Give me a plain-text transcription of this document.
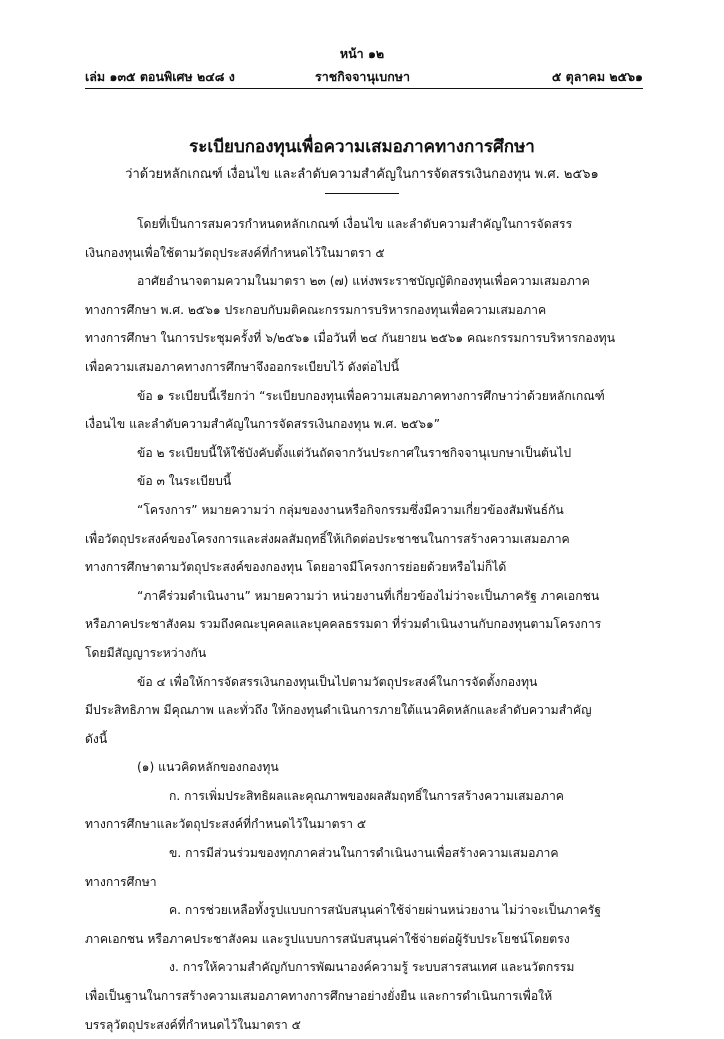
หน้า ๑๒
เล่ม ๑๓๕ ตอนพิเศษ ๒๔๘ ง	ราชกิจจานุเบกษา	๕ ตุลาคม ๒๕๖๑
ระเบียบกองทุนเพื่อความเสมอภาคทางการศึกษา
ว่าด้วยหลักเกณฑ์ เงื่อนไข และลำดับความสำคัญในการจัดสรรเงินกองทุน พ.ศ. ๒๕๖๑
โดยที่เป็นการสมควรกำหนดหลักเกณฑ์ เงื่อนไข และลำดับความสำคัญในการจัดสรร
เงินกองทุนเพื่อใช้ตามวัตถุประสงค์ที่กำหนดไว้ในมาตรา ๕
อาศัยอำนาจตามความในมาตรา ๒๓ (๗) แห่งพระราชบัญญัติกองทุนเพื่อความเสมอภาค
ทางการศึกษา พ.ศ. ๒๕๖๑ ประกอบกับมติคณะกรรมการบริหารกองทุนเพื่อความเสมอภาค
ทางการศึกษา ในการประชุมครั้งที่ ๖/๒๕๖๑ เมื่อวันที่ ๒๔ กันยายน ๒๕๖๑ คณะกรรมการบริหารกองทุน
เพื่อความเสมอภาคทางการศึกษาจึงออกระเบียบไว้ ดังต่อไปนี้
ข้อ ๑ ระเบียบนี้เรียกว่า “ระเบียบกองทุนเพื่อความเสมอภาคทางการศึกษาว่าด้วยหลักเกณฑ์
เงื่อนไข และลำดับความสำคัญในการจัดสรรเงินกองทุน พ.ศ. ๒๕๖๑”
ข้อ ๒ ระเบียบนี้ให้ใช้บังคับตั้งแต่วันถัดจากวันประกาศในราชกิจจานุเบกษาเป็นต้นไป
ข้อ ๓ ในระเบียบนี้
“โครงการ” หมายความว่า กลุ่มของงานหรือกิจกรรมซึ่งมีความเกี่ยวข้องสัมพันธ์กัน
เพื่อวัตถุประสงค์ของโครงการและส่งผลสัมฤทธิ์ให้เกิดต่อประชาชนในการสร้างความเสมอภาค
ทางการศึกษาตามวัตถุประสงค์ของกองทุน โดยอาจมีโครงการย่อยด้วยหรือไม่ก็ได้
“ภาคีร่วมดำเนินงาน” หมายความว่า หน่วยงานที่เกี่ยวข้องไม่ว่าจะเป็นภาครัฐ ภาคเอกชน
หรือภาคประชาสังคม รวมถึงคณะบุคคลและบุคคลธรรมดา ที่ร่วมดำเนินงานกับกองทุนตามโครงการ
โดยมีสัญญาระหว่างกัน
ข้อ ๔ เพื่อให้การจัดสรรเงินกองทุนเป็นไปตามวัตถุประสงค์ในการจัดตั้งกองทุน
มีประสิทธิภาพ มีคุณภาพ และทั่วถึง ให้กองทุนดำเนินการภายใต้แนวคิดหลักและลำดับความสำคัญ
ดังนี้
(๑) แนวคิดหลักของกองทุน
ก. การเพิ่มประสิทธิผลและคุณภาพของผลสัมฤทธิ์ในการสร้างความเสมอภาค
ทางการศึกษาและวัตถุประสงค์ที่กำหนดไว้ในมาตรา ๕
ข. การมีส่วนร่วมของทุกภาคส่วนในการดำเนินงานเพื่อสร้างความเสมอภาค
ทางการศึกษา
ค. การช่วยเหลือทั้งรูปแบบการสนับสนุนค่าใช้จ่ายผ่านหน่วยงาน ไม่ว่าจะเป็นภาครัฐ
ภาคเอกชน หรือภาคประชาสังคม และรูปแบบการสนับสนุนค่าใช้จ่ายต่อผู้รับประโยชน์โดยตรง
ง. การให้ความสำคัญกับการพัฒนาองค์ความรู้ ระบบสารสนเทศ และนวัตกรรม
เพื่อเป็นฐานในการสร้างความเสมอภาคทางการศึกษาอย่างยั่งยืน และการดำเนินการเพื่อให้
บรรลุวัตถุประสงค์ที่กำหนดไว้ในมาตรา ๕
